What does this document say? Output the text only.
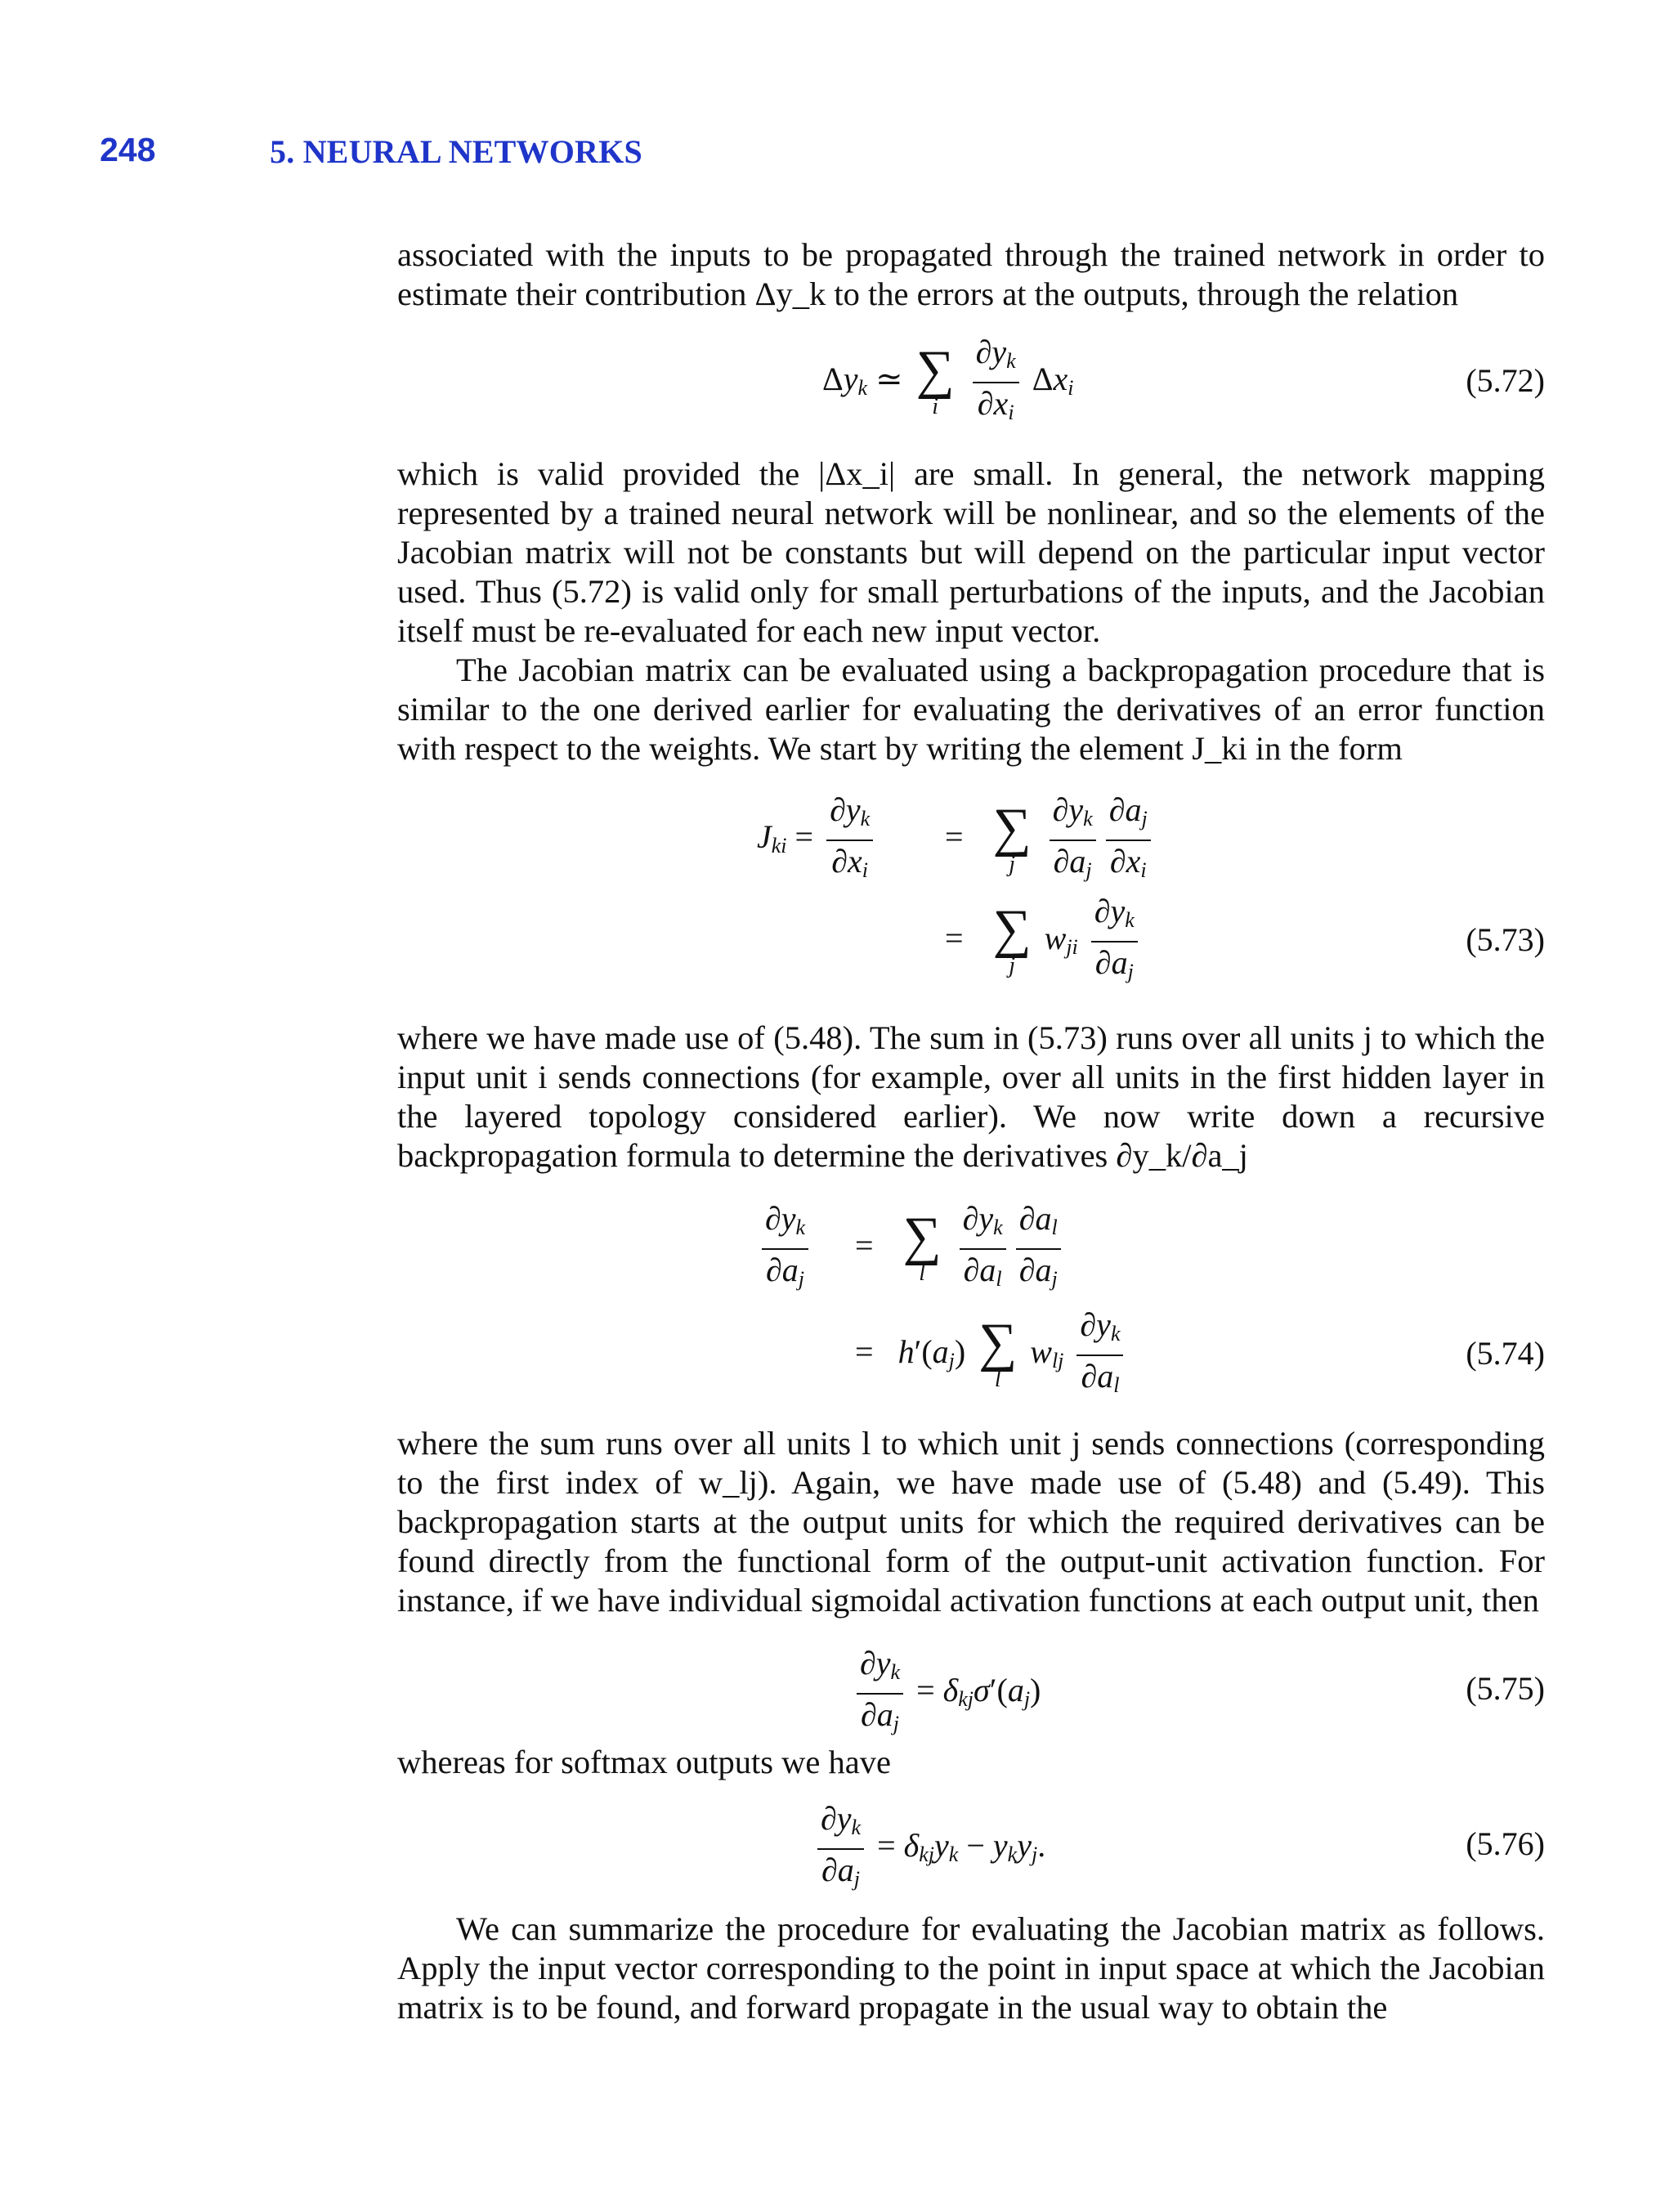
248	5. NEURAL NETWORKS

associated with the inputs to be propagated through the trained network in order to estimate their contribution Δy_k to the errors at the outputs, through the relation

$\Delta y_k$ ≃ ∑
i
$\frac{\partial y_k}{\partial x_i} \Delta x_i$	(5.72)

which is valid provided the |Δx_i| are small. In general, the network mapping represented by a trained neural network will be nonlinear, and so the elements of the Jacobian matrix will not be constants but will depend on the particular input vector used. Thus (5.72) is valid only for small perturbations of the inputs, and the Jacobian itself must be re-evaluated for each new input vector.

The Jacobian matrix can be evaluated using a backpropagation procedure that is similar to the one derived earlier for evaluating the derivatives of an error function with respect to the weights. We start by writing the element J_ki in the form

$J_{ki} = \frac{\partial y_k}{\partial x_i}$ = ∑
j
$\frac{\partial y_k}{\partial a_j} \frac{\partial a_j}{\partial x_i}$
= ∑
j
$w_{ji} \frac{\partial y_k}{\partial a_j}$	(5.73)

where we have made use of (5.48). The sum in (5.73) runs over all units j to which the input unit i sends connections (for example, over all units in the first hidden layer in the layered topology considered earlier). We now write down a recursive backpropagation formula to determine the derivatives ∂y_k/∂a_j

$\frac{\partial y_k}{\partial a_j}$ = ∑
l
$\frac{\partial y_k}{\partial a_l} \frac{\partial a_l}{\partial a_j}$
= $h'(a_j)$ ∑
l
$w_{lj} \frac{\partial y_k}{\partial a_l}$	(5.74)

where the sum runs over all units l to which unit j sends connections (corresponding to the first index of w_lj). Again, we have made use of (5.48) and (5.49). This backpropagation starts at the output units for which the required derivatives can be found directly from the functional form of the output-unit activation function. For instance, if we have individual sigmoidal activation functions at each output unit, then

$\frac{\partial y_k}{\partial a_j} = \delta_{kj}\sigma'(a_j)$	(5.75)

whereas for softmax outputs we have

$\frac{\partial y_k}{\partial a_j} = \delta_{kj}y_k - y_ky_j$.	(5.76)

We can summarize the procedure for evaluating the Jacobian matrix as follows. Apply the input vector corresponding to the point in input space at which the Jacobian matrix is to be found, and forward propagate in the usual way to obtain the
